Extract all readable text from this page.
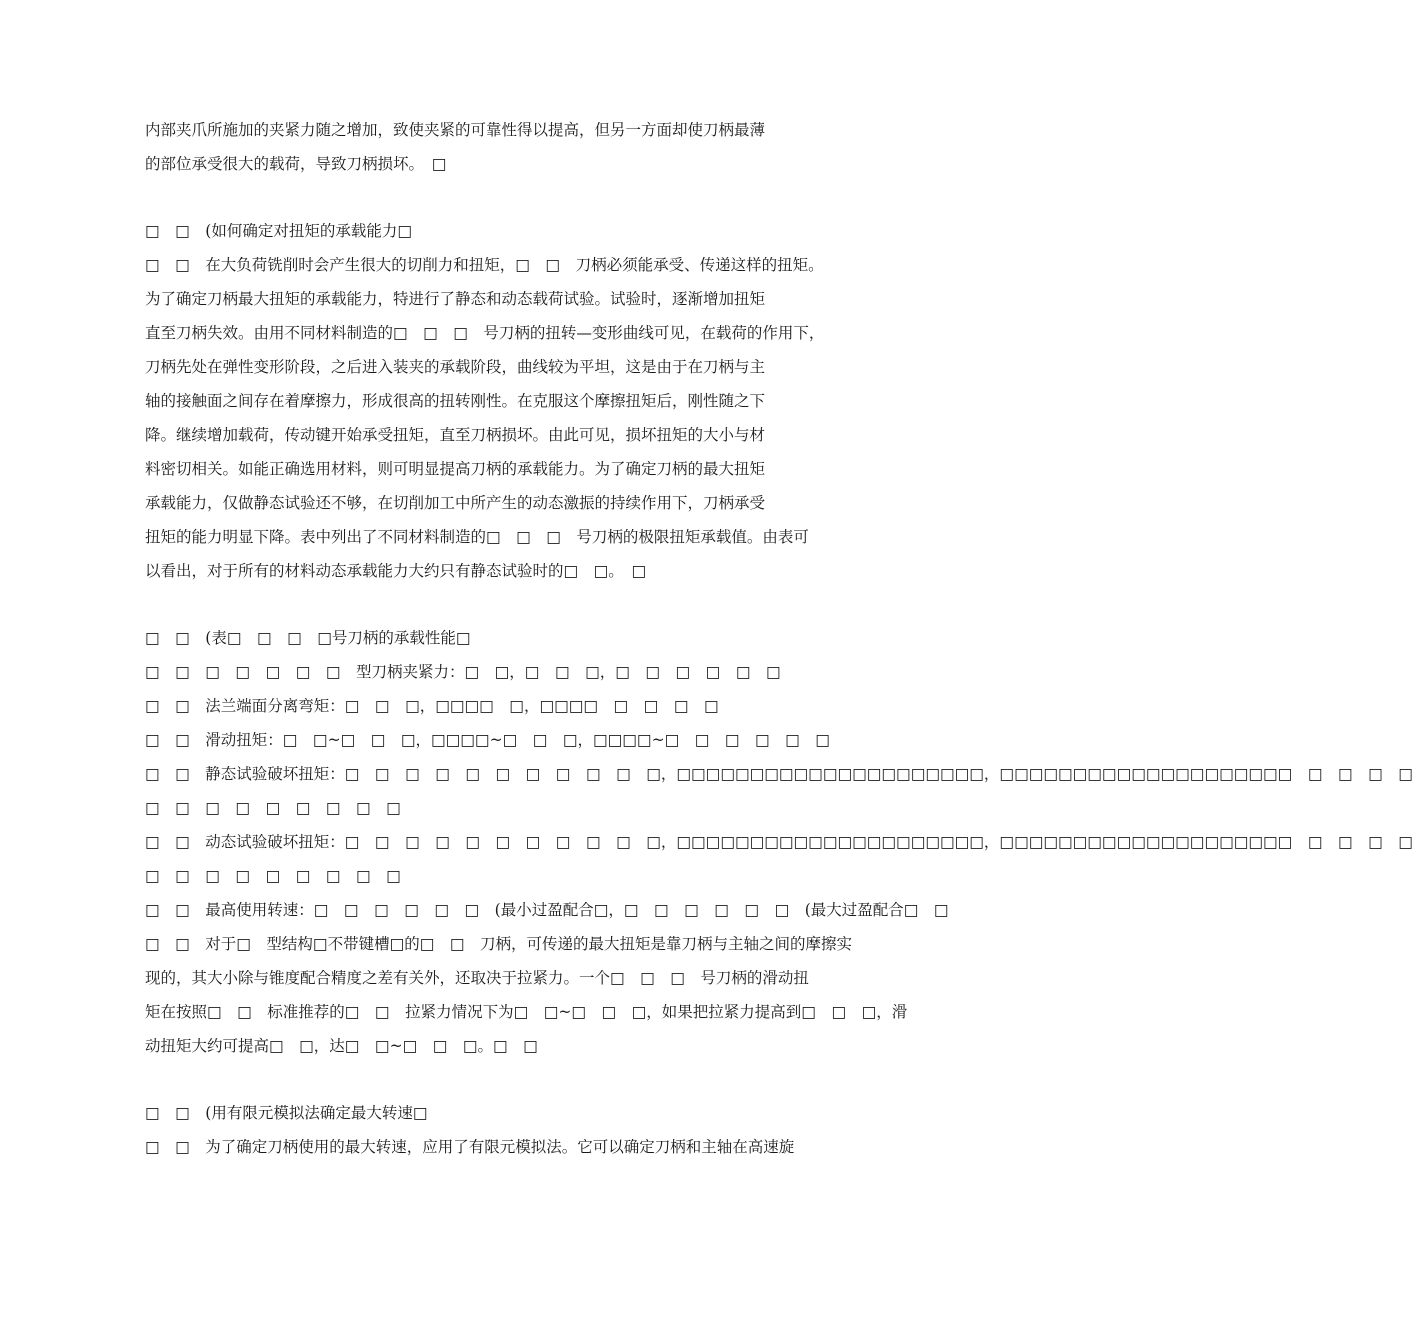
内部夹爪所施加的夹紧力随之增加，致使夹紧的可靠性得以提高，但另一方面却使刀柄最薄
的部位承受很大的载荷，导致刀柄损坏。　□
□　□　(如何确定对扭矩的承载能力□
□　□　在大负荷铣削时会产生很大的切削力和扭矩，□　□　刀柄必须能承受、传递这样的扭矩。
为了确定刀柄最大扭矩的承载能力，特进行了静态和动态载荷试验。试验时，逐渐增加扭矩
直至刀柄失效。由用不同材料制造的□　□　□　号刀柄的扭转—变形曲线可见，在载荷的作用下，
刀柄先处在弹性变形阶段，之后进入装夹的承载阶段，曲线较为平坦，这是由于在刀柄与主
轴的接触面之间存在着摩擦力，形成很高的扭转刚性。在克服这个摩擦扭矩后，刚性随之下
降。继续增加载荷，传动键开始承受扭矩，直至刀柄损坏。由此可见，损坏扭矩的大小与材
料密切相关。如能正确选用材料，则可明显提高刀柄的承载能力。为了确定刀柄的最大扭矩
承载能力，仅做静态试验还不够，在切削加工中所产生的动态激振的持续作用下，刀柄承受
扭矩的能力明显下降。表中列出了不同材料制造的□　□　□　号刀柄的极限扭矩承载值。由表可
以看出，对于所有的材料动态承载能力大约只有静态试验时的□　□。　□
□　□　(表□　□　□　□号刀柄的承载性能□
□　□　□　□　□　□　□　型刀柄夹紧力：□　□，□　□　□，□　□　□　□　□　□
□　□　法兰端面分离弯矩：□　□　□，□□□□　□，□□□□　□　□　□　□
□　□　滑动扭矩：□　□~□　□　□，□□□□~□　□　□，□□□□~□　□　□　□　□　□
□　□　静态试验破坏扭矩：□　□　□　□　□　□　□　□　□　□　□，□□□□□□□□□□□□□□□□□□□□□，□□□□□□□□□□□□□□□□□□□□　□　□　□　□
□　□　□　□　□　□　□　□　□
□　□　动态试验破坏扭矩：□　□　□　□　□　□　□　□　□　□　□，□□□□□□□□□□□□□□□□□□□□□，□□□□□□□□□□□□□□□□□□□□　□　□　□　□
□　□　□　□　□　□　□　□　□
□　□　最高使用转速：□　□　□　□　□　□　(最小过盈配合□，□　□　□　□　□　□　(最大过盈配合□　□
□　□　对于□　型结构□不带键槽□的□　□　刀柄，可传递的最大扭矩是靠刀柄与主轴之间的摩擦实
现的，其大小除与锥度配合精度之差有关外，还取决于拉紧力。一个□　□　□　号刀柄的滑动扭
矩在按照□　□　标准推荐的□　□　拉紧力情况下为□　□~□　□　□，如果把拉紧力提高到□　□　□，滑
动扭矩大约可提高□　□，达□　□~□　□　□。□　□
□　□　(用有限元模拟法确定最大转速□
□　□　为了确定刀柄使用的最大转速，应用了有限元模拟法。它可以确定刀柄和主轴在高速旋
